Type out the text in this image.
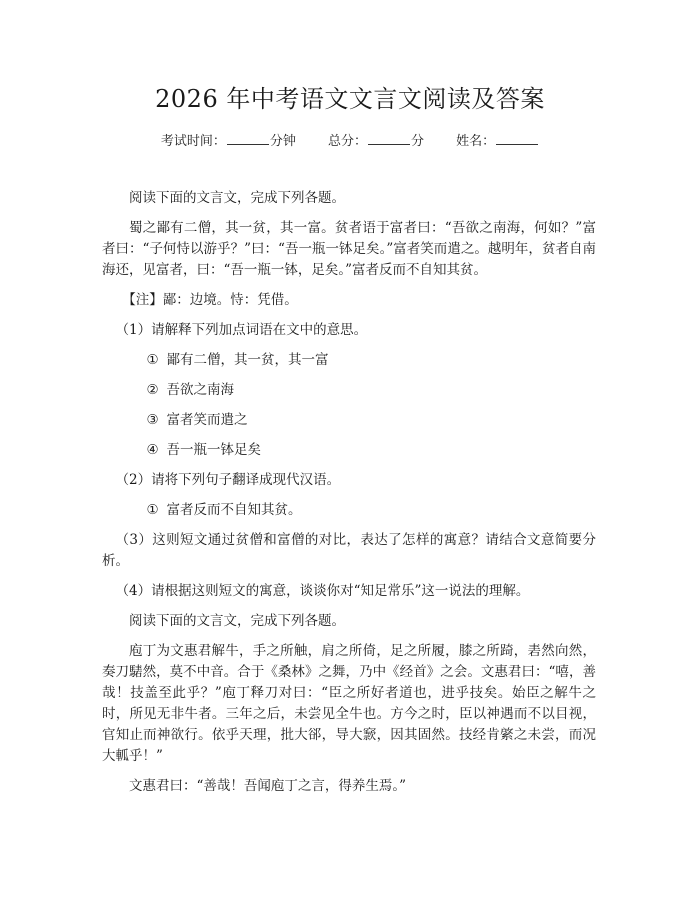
2026 年中考语文文言文阅读及答案
考试时间：	分钟 总分：	分 姓名：

阅读下面的文言文，完成下列各题。

蜀之鄙有二僧，其一贫，其一富。贫者语于富者曰：“吾欲之南海，何如？”富者曰：“子何恃以游乎？”曰：“吾一瓶一钵足矣。”富者笑而遣之。越明年，贫者自南海还，见富者，曰：“吾一瓶一钵，足矣。”富者反而不自知其贫。

【注】鄙：边境。恃：凭借。

（1）请解释下列加点词语在文中的意思。

① 鄙有二僧，其一贫，其一富

② 吾欲之南海

③ 富者笑而遣之

④ 吾一瓶一钵足矣

（2）请将下列句子翻译成现代汉语。

① 富者反而不自知其贫。

（3）这则短文通过贫僧和富僧的对比，表达了怎样的寓意？请结合文意简要分析。

（4）请根据这则短文的寓意，谈谈你对“知足常乐”这一说法的理解。

阅读下面的文言文，完成下列各题。

庖丁为文惠君解牛，手之所触，肩之所倚，足之所履，膝之所踦，砉然向然，奏刀騞然，莫不中音。合于《桑林》之舞，乃中《经首》之会。文惠君曰：“嘻，善哉！技盖至此乎？”庖丁释刀对曰：“臣之所好者道也，进乎技矣。始臣之解牛之时，所见无非牛者。三年之后，未尝见全牛也。方今之时，臣以神遇而不以目视，官知止而神欲行。依乎天理，批大郤，导大窾，因其固然。技经肯綮之未尝，而况大軱乎！”

文惠君曰：“善哉！吾闻庖丁之言，得养生焉。”
